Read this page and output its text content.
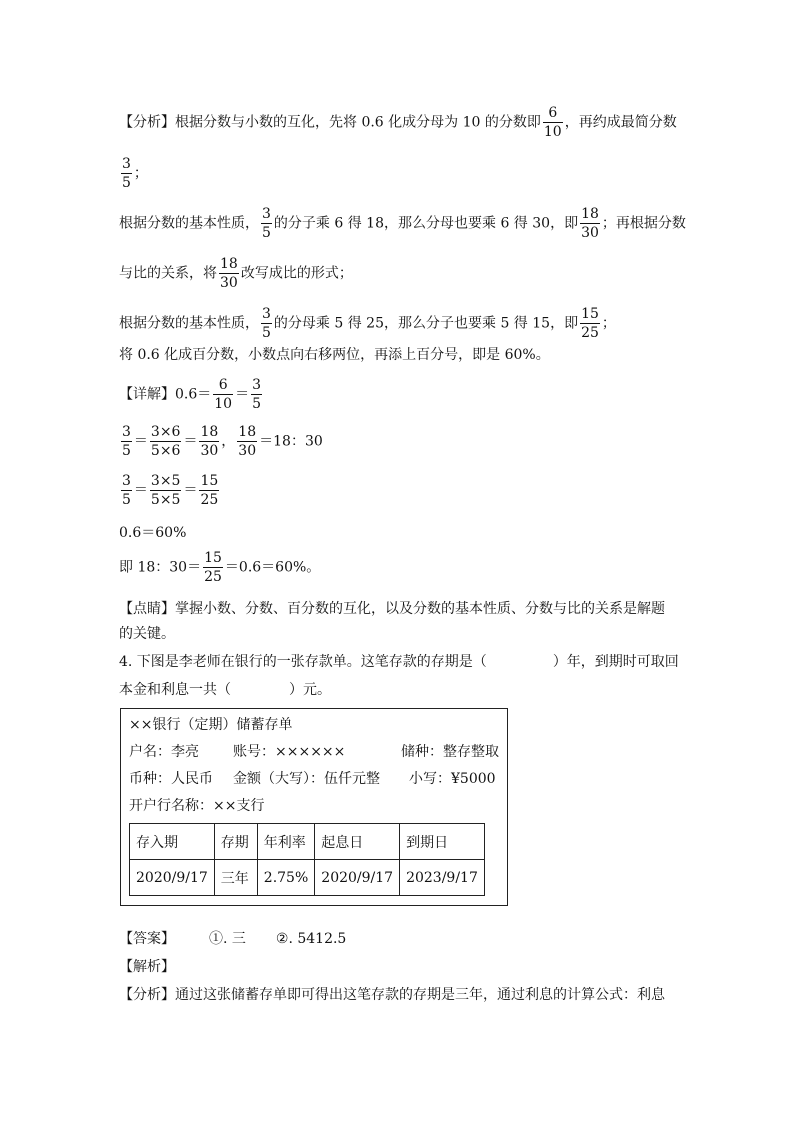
【分析】根据分数与小数的互化，先将 0.6 化成分母为 10 的分数即 $\frac{6}{10}$ ，再约成最简分数
$\frac{3}{5}$ ；
根据分数的基本性质， $\frac{3}{5}$ 的分子乘 6 得 18，那么分母也要乘 6 得 30，即 $\frac{18}{30}$ ；再根据分数
与比的关系，将 $\frac{18}{30}$ 改写成比的形式；
根据分数的基本性质， $\frac{3}{5}$ 的分母乘 5 得 25，那么分子也要乘 5 得 15，即 $\frac{15}{25}$ ；
将 0.6 化成百分数，小数点向右移两位，再添上百分号，即是 60%。
【详解】$0.6= \frac{6}{10} = \frac{3}{5}$
$\frac{3}{5} = \frac{3\times 6}{5\times 6} = \frac{18}{30}$ ， $\frac{18}{30} =18$：30
$\frac{3}{5} = \frac{3\times 5}{5\times 5} = \frac{15}{25}$
0.6＝60%
即 18：$30= \frac{15}{25} =0.6=60\%$。
【点睛】掌握小数、分数、百分数的互化，以及分数的基本性质、分数与比的关系是解题
的关键。
4. 下图是李老师在银行的一张存款单。这笔存款的存期是（	）年，到期时可取回
本金和利息一共（	）元。
××银行（定期）储蓄存单
户名：李亮 账号：××××××	储种：整存整取
币种：人民币 金额（大写）：伍仟元整 小写：¥5000
开户行名称：××支行
存入期	存期	年利率	起息日	到期日
2020/9/17	三年	2.75%	2020/9/17	2023/9/17
【答案】 ①. 三 ②. 5412.5
【解析】
【分析】通过这张储蓄存单即可得出这笔存款的存期是三年，通过利息的计算公式：利息
